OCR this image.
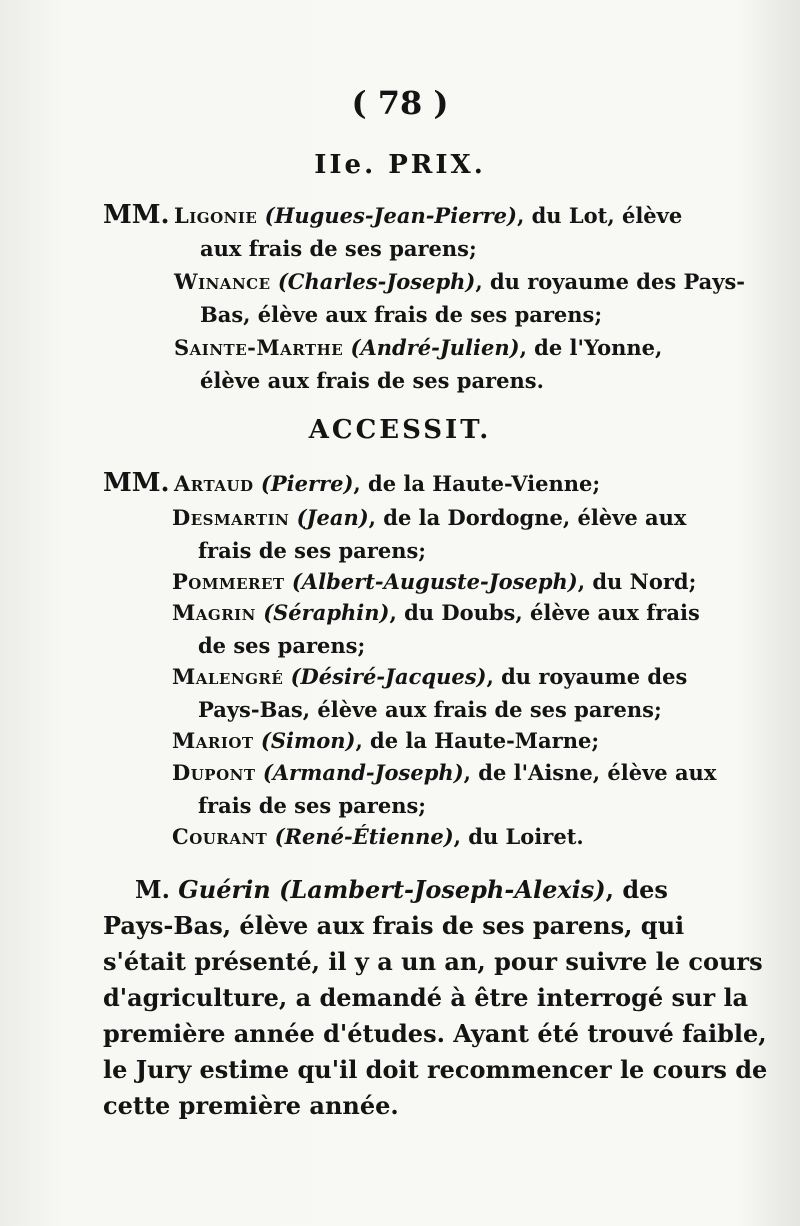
( 78 )
IIe. PRIX.
MM. Ligonie (Hugues-Jean-Pierre), du Lot, élève
aux frais de ses parens;
Winance (Charles-Joseph), du royaume des Pays-
Bas, élève aux frais de ses parens;
Sainte-Marthe (André-Julien), de l'Yonne,
élève aux frais de ses parens.
ACCESSIT.
MM. Artaud (Pierre), de la Haute-Vienne;
Desmartin (Jean), de la Dordogne, élève aux
frais de ses parens;
Pommeret (Albert-Auguste-Joseph), du Nord;
Magrin (Séraphin), du Doubs, élève aux frais
de ses parens;
Malengré (Désiré-Jacques), du royaume des
Pays-Bas, élève aux frais de ses parens;
Mariot (Simon), de la Haute-Marne;
Dupont (Armand-Joseph), de l'Aisne, élève aux
frais de ses parens;
Courant (René-Étienne), du Loiret.
M. Guérin (Lambert-Joseph-Alexis), des
Pays-Bas, élève aux frais de ses parens, qui
s'était présenté, il y a un an, pour suivre le cours
d'agriculture, a demandé à être interrogé sur la
première année d'études. Ayant été trouvé faible,
le Jury estime qu'il doit recommencer le cours de
cette première année.
